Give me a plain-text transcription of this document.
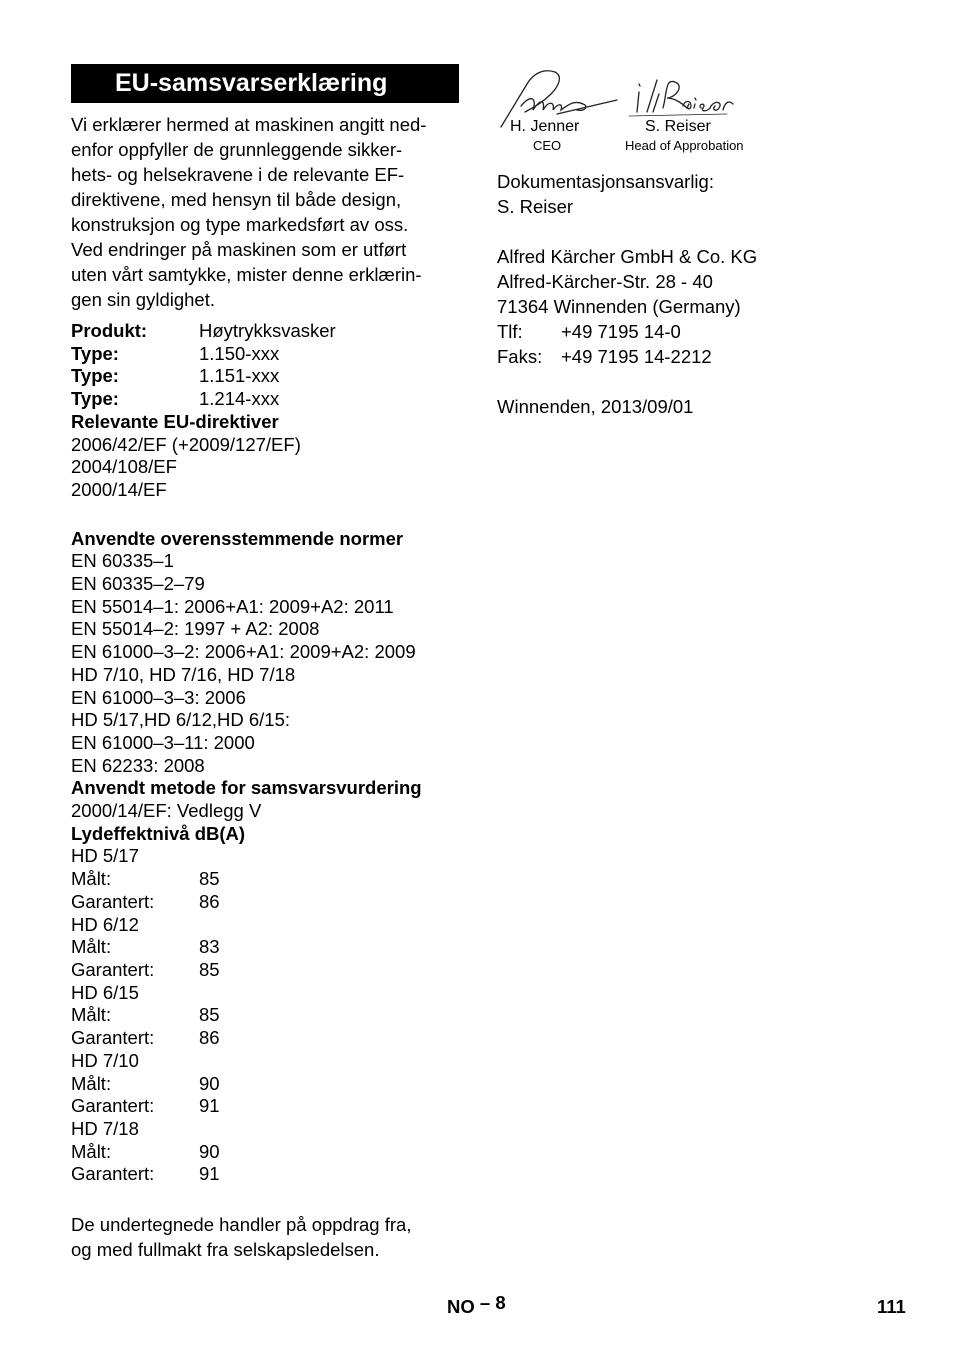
EU-samsvarserklæring
Vi erklærer hermed at maskinen angitt ned-
enfor oppfyller de grunnleggende sikker-
hets- og helsekravene i de relevante EF-
direktivene, med hensyn til både design,
konstruksjon og type markedsført av oss.
Ved endringer på maskinen som er utført
uten vårt samtykke, mister denne erklærin-
gen sin gyldighet.
Produkt:	Høytrykksvasker
Type:	1.150-xxx
Type:	1.151-xxx
Type:	1.214-xxx
Relevante EU-direktiver
2006/42/EF (+2009/127/EF)
2004/108/EF
2000/14/EF
Anvendte overensstemmende normer
EN 60335–1
EN 60335–2–79
EN 55014–1: 2006+A1: 2009+A2: 2011
EN 55014–2: 1997 + A2: 2008
EN 61000–3–2: 2006+A1: 2009+A2: 2009
HD 7/10, HD 7/16, HD 7/18
EN 61000–3–3: 2006
HD 5/17,HD 6/12,HD 6/15:
EN 61000–3–11: 2000
EN 62233: 2008
Anvendt metode for samsvarsvurdering
2000/14/EF: Vedlegg V
Lydeffektnivå dB(A)
HD 5/17
Målt:	85
Garantert:	86
HD 6/12
Målt:	83
Garantert:	85
HD 6/15
Målt:	85
Garantert:	86
HD 7/10
Målt:	90
Garantert:	91
HD 7/18
Målt:	90
Garantert:	91
De undertegnede handler på oppdrag fra,
og med fullmakt fra selskapsledelsen.
H. Jenner
CEO
S. Reiser
Head of Approbation
Dokumentasjonsansvarlig:
S. Reiser
Alfred Kärcher GmbH & Co. KG
Alfred-Kärcher-Str. 28 - 40
71364 Winnenden (Germany)
Tlf:	+49 7195 14-0
Faks:	+49 7195 14-2212
Winnenden, 2013/09/01
NO – 8	111
